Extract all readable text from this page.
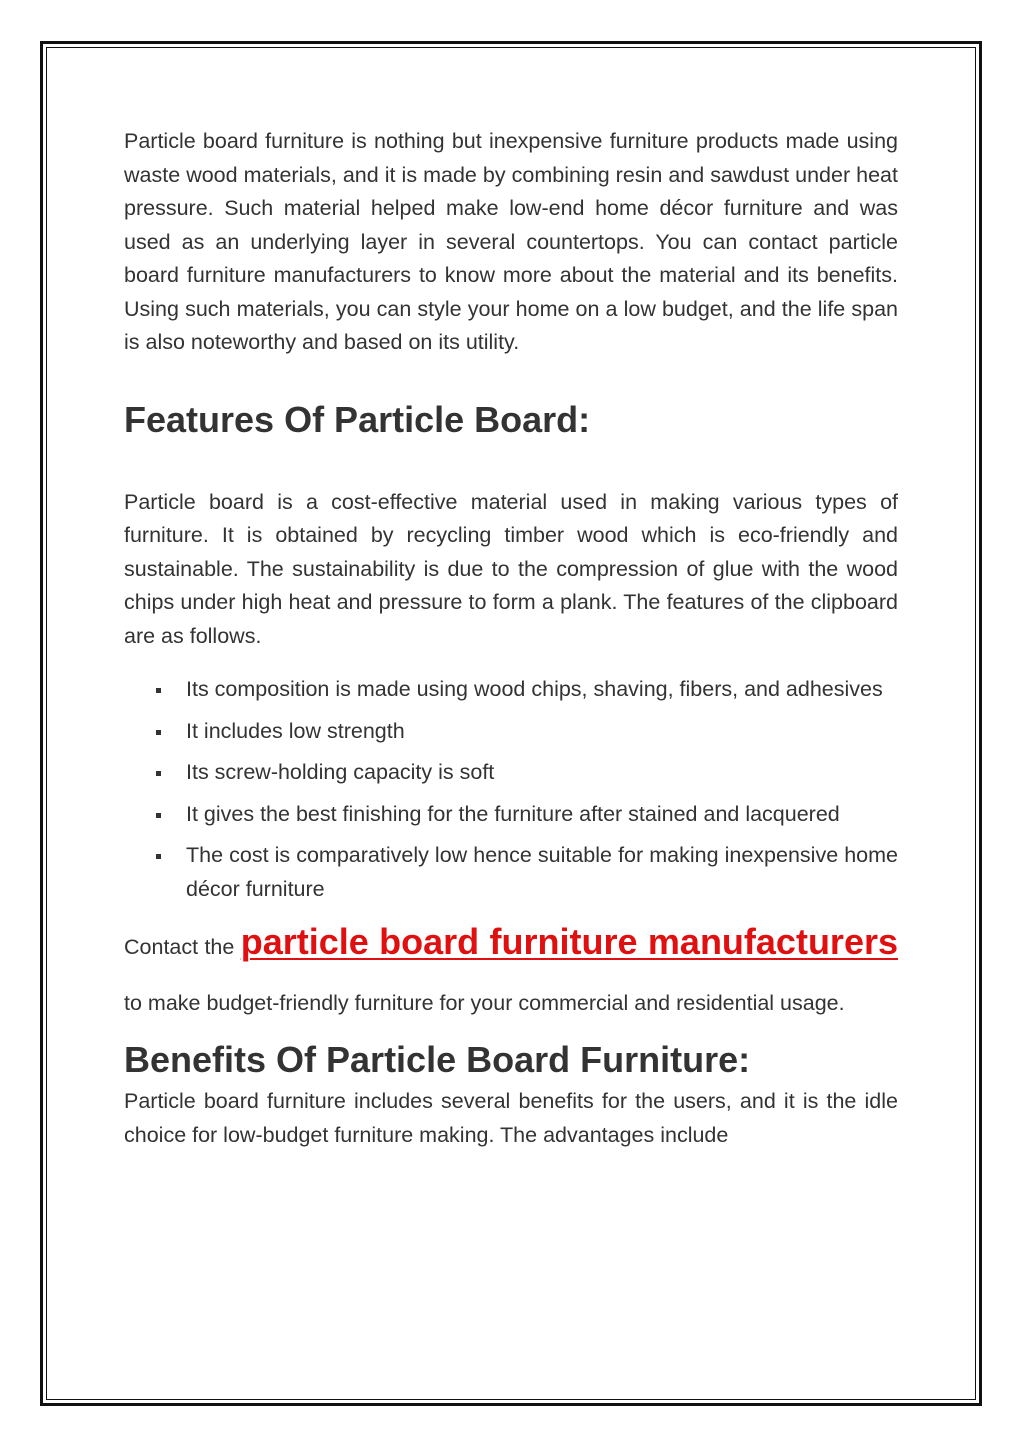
Particle board furniture is nothing but inexpensive furniture products made using waste wood materials, and it is made by combining resin and sawdust under heat pressure. Such material helped make low-end home décor furniture and was used as an underlying layer in several countertops. You can contact particle board furniture manufacturers to know more about the material and its benefits. Using such materials, you can style your home on a low budget, and the life span is also noteworthy and based on its utility.

Features Of Particle Board:

Particle board is a cost-effective material used in making various types of furniture. It is obtained by recycling timber wood which is eco-friendly and sustainable. The sustainability is due to the compression of glue with the wood chips under high heat and pressure to form a plank. The features of the clipboard are as follows.

Its composition is made using wood chips, shaving, fibers, and adhesives
It includes low strength
Its screw-holding capacity is soft
It gives the best finishing for the furniture after stained and lacquered
The cost is comparatively low hence suitable for making inexpensive home décor furniture

Contact the particle board furniture manufacturers to make budget-friendly furniture for your commercial and residential usage.

Benefits Of Particle Board Furniture:

Particle board furniture includes several benefits for the users, and it is the idle choice for low-budget furniture making. The advantages include
